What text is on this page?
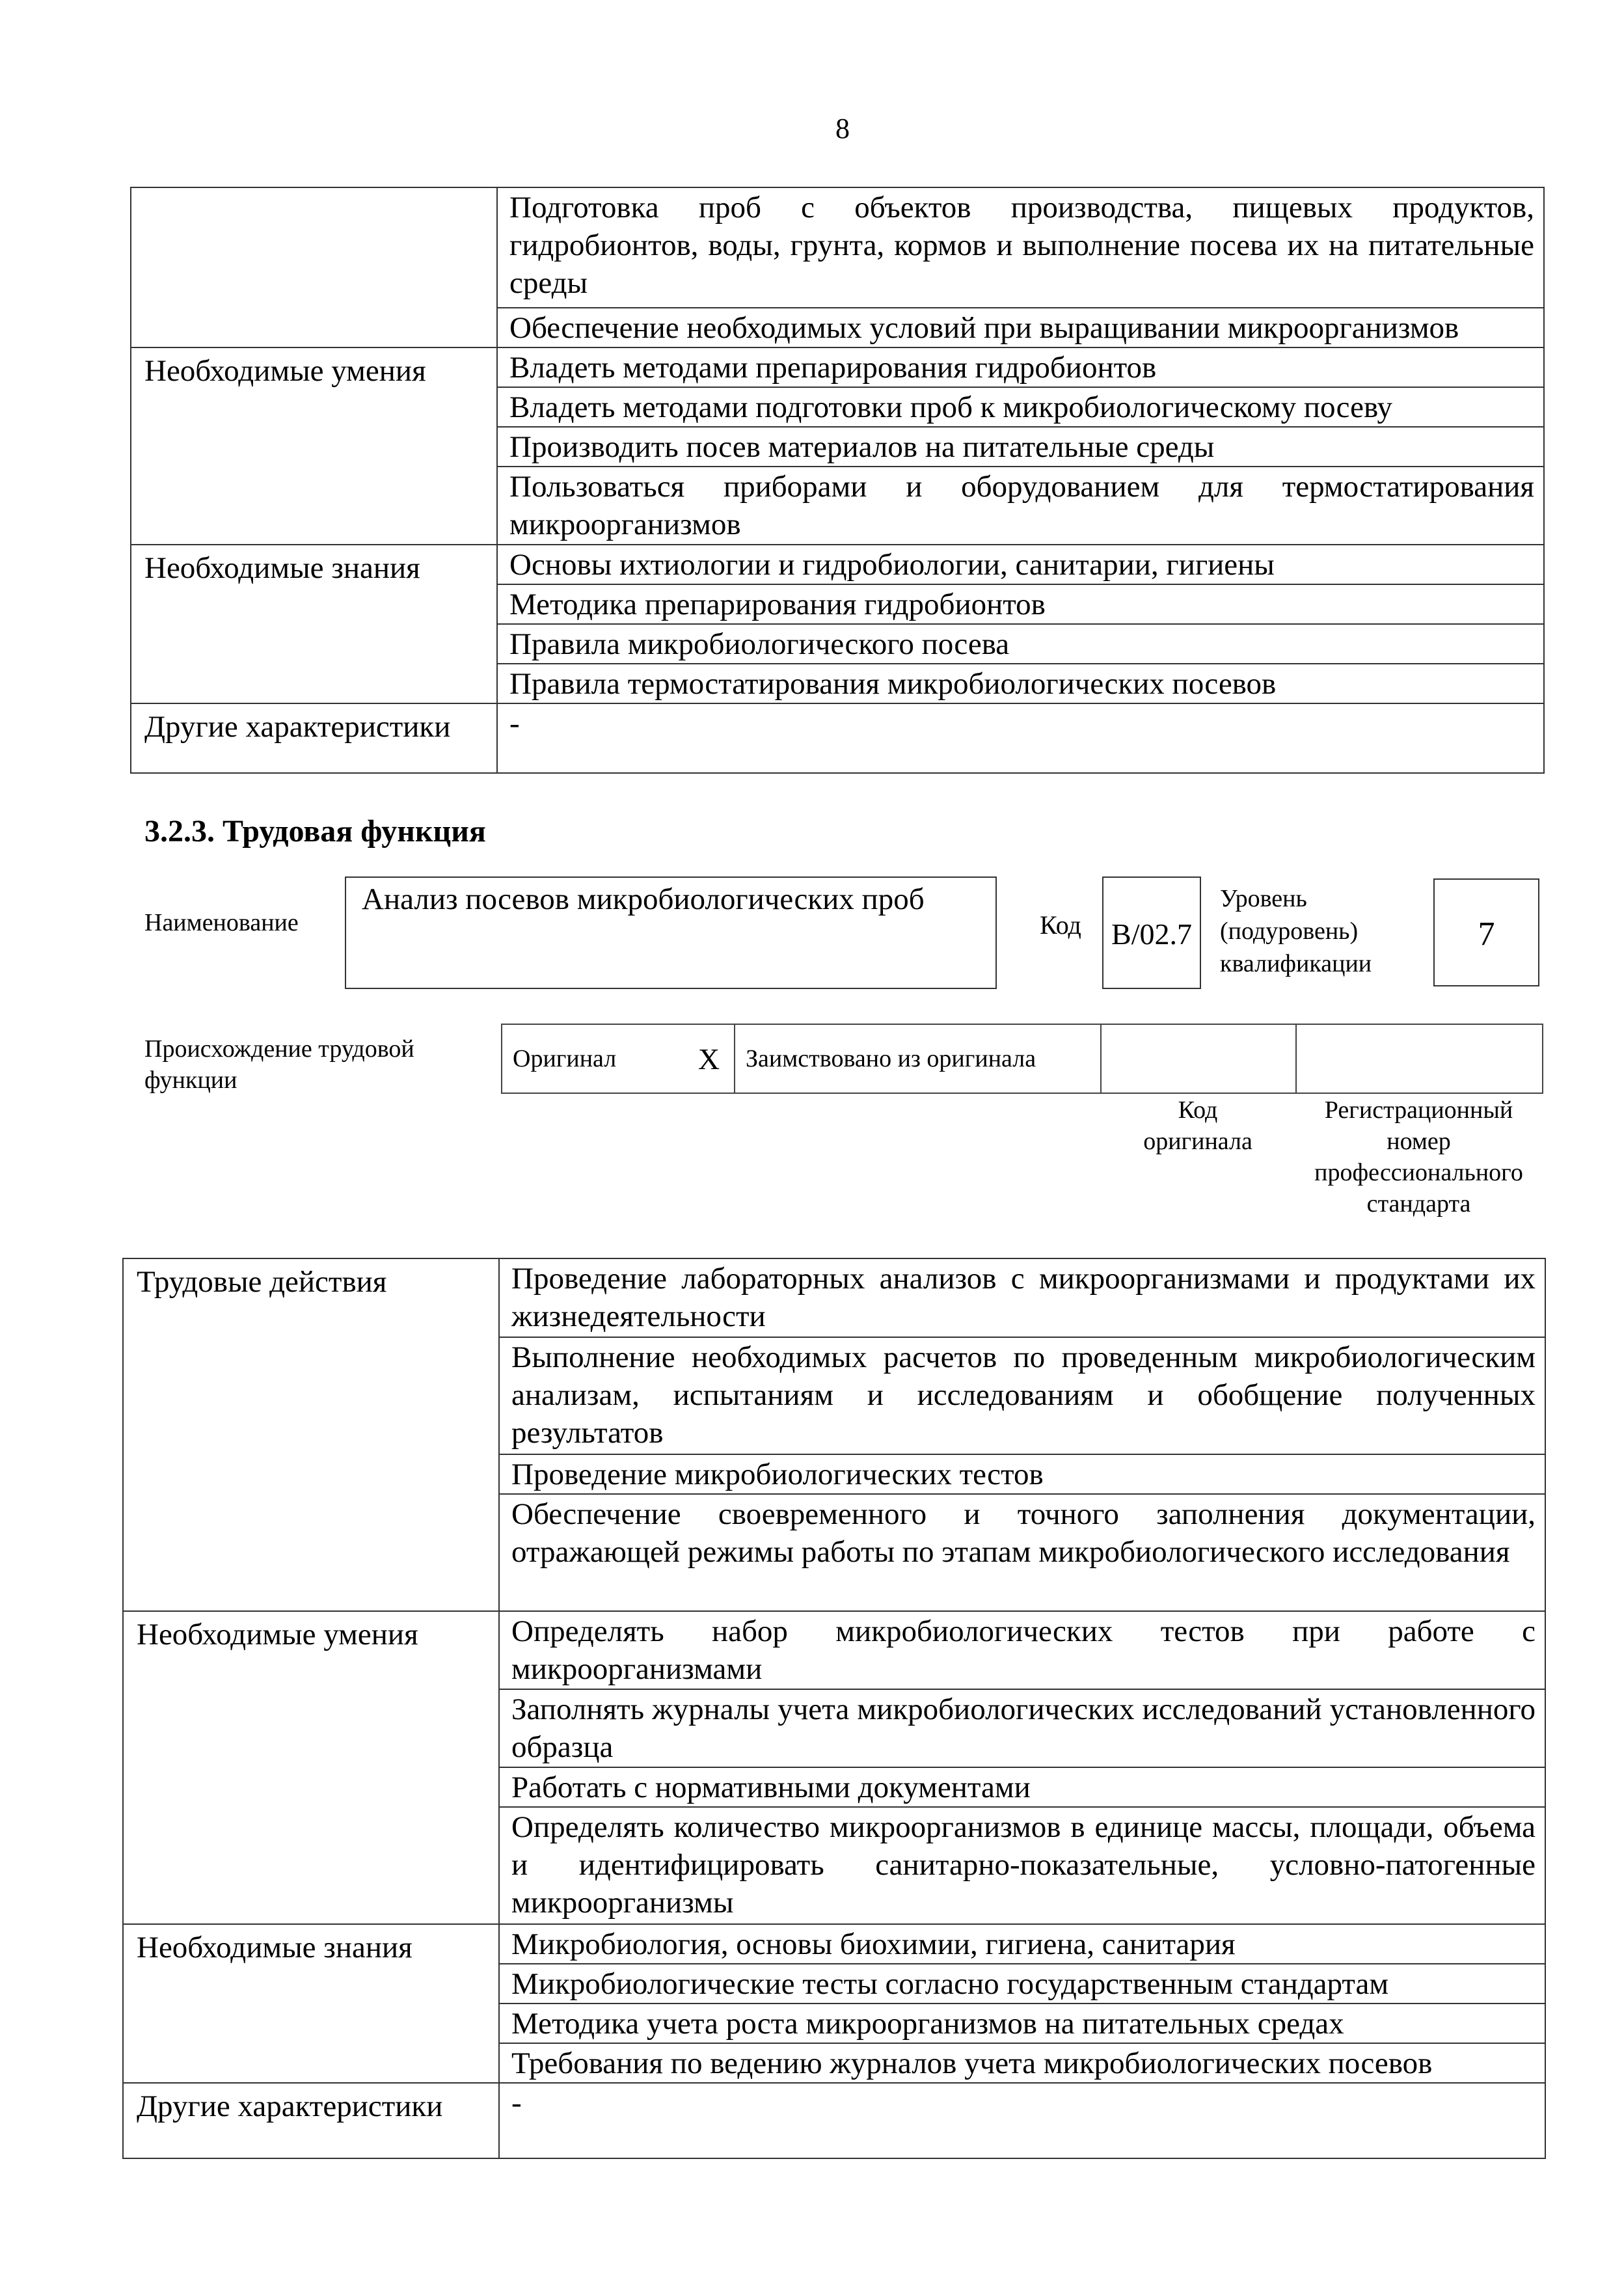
8
	Подготовка проб с объектов производства, пищевых продуктов, гидробионтов, воды, грунта, кормов и выполнение посева их на питательные среды
	Обеспечение необходимых условий при выращивании микроорганизмов
Необходимые умения	Владеть методами препарирования гидробионтов
	Владеть методами подготовки проб к микробиологическому посеву
	Производить посев материалов на питательные среды
	Пользоваться приборами и оборудованием для термостатирования микроорганизмов
Необходимые знания	Основы ихтиологии и гидробиологии, санитарии, гигиены
	Методика препарирования гидробионтов
	Правила микробиологического посева
	Правила термостатирования микробиологических посевов
Другие характеристики	-
3.2.3. Трудовая функция
Наименование
Анализ посевов микробиологических проб
Код	B/02.7
Уровень
(подуровень)
квалификации
7
Происхождение трудовой
функции
Оригинал	X	Заимствовано из оригинала		
Код
оригинала
Регистрационный
номер
профессионального
стандарта
Трудовые действия	Проведение лабораторных анализов с микроорганизмами и продуктами их жизнедеятельности
	Выполнение необходимых расчетов по проведенным микробиологическим анализам, испытаниям и исследованиям и обобщение полученных результатов
	Проведение микробиологических тестов
	Обеспечение своевременного и точного заполнения документации, отражающей режимы работы по этапам микробиологического исследования
Необходимые умения	Определять набор микробиологических тестов при работе с микроорганизмами
	Заполнять журналы учета микробиологических исследований установленного образца
	Работать с нормативными документами
	Определять количество микроорганизмов в единице массы, площади, объема и идентифицировать санитарно-показательные, условно-патогенные микроорганизмы
Необходимые знания	Микробиология, основы биохимии, гигиена, санитария
	Микробиологические тесты согласно государственным стандартам
	Методика учета роста микроорганизмов на питательных средах
	Требования по ведению журналов учета микробиологических посевов
Другие характеристики	-
